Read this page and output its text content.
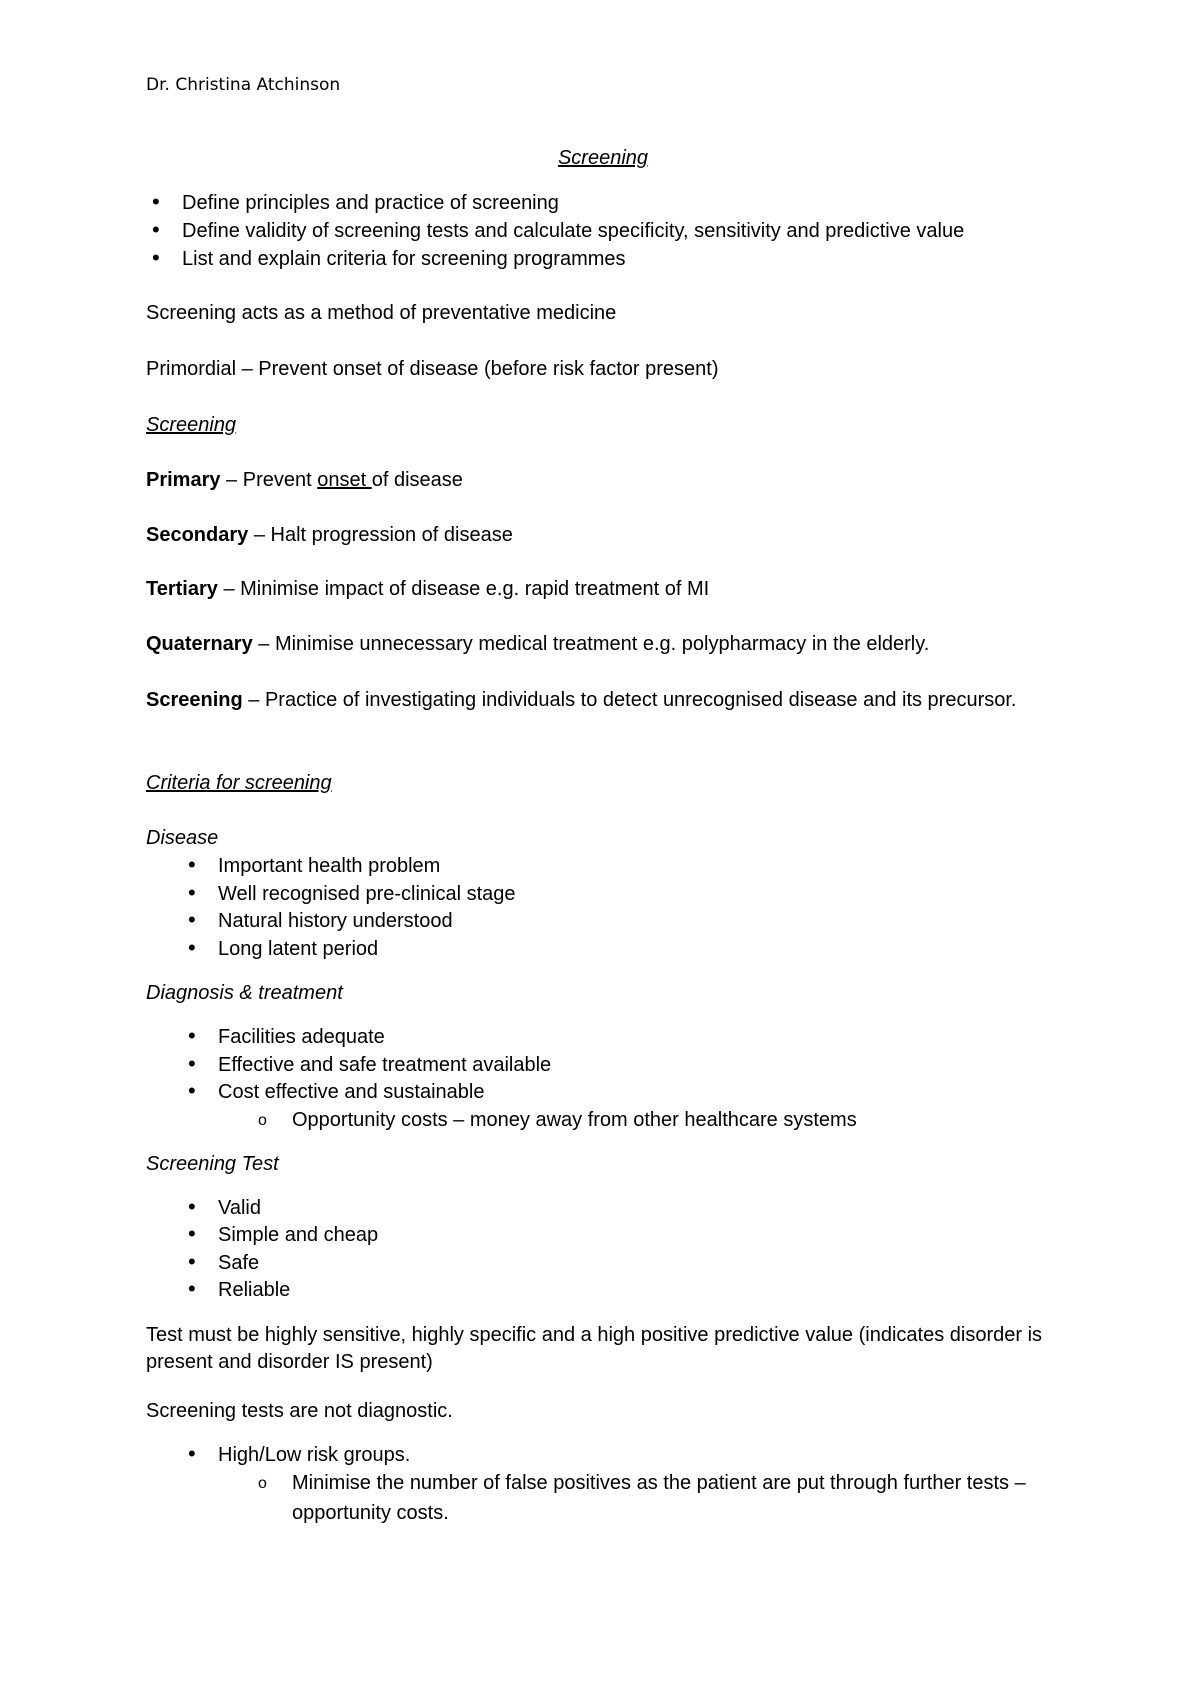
Dr. Christina Atchinson
Screening
• Define principles and practice of screening
• Define validity of screening tests and calculate specificity, sensitivity and predictive value
• List and explain criteria for screening programmes
Screening acts as a method of preventative medicine
Primordial – Prevent onset of disease (before risk factor present)
Screening
Primary – Prevent onset of disease
Secondary – Halt progression of disease
Tertiary – Minimise impact of disease e.g. rapid treatment of MI
Quaternary – Minimise unnecessary medical treatment e.g. polypharmacy in the elderly.
Screening – Practice of investigating individuals to detect unrecognised disease and its precursor.
Criteria for screening
Disease
• Important health problem
• Well recognised pre-clinical stage
• Natural history understood
• Long latent period
Diagnosis & treatment
• Facilities adequate
• Effective and safe treatment available
• Cost effective and sustainable
o Opportunity costs – money away from other healthcare systems
Screening Test
• Valid
• Simple and cheap
• Safe
• Reliable
Test must be highly sensitive, highly specific and a high positive predictive value (indicates disorder is present and disorder IS present)
Screening tests are not diagnostic.
• High/Low risk groups.
o Minimise the number of false positives as the patient are put through further tests – opportunity costs.
